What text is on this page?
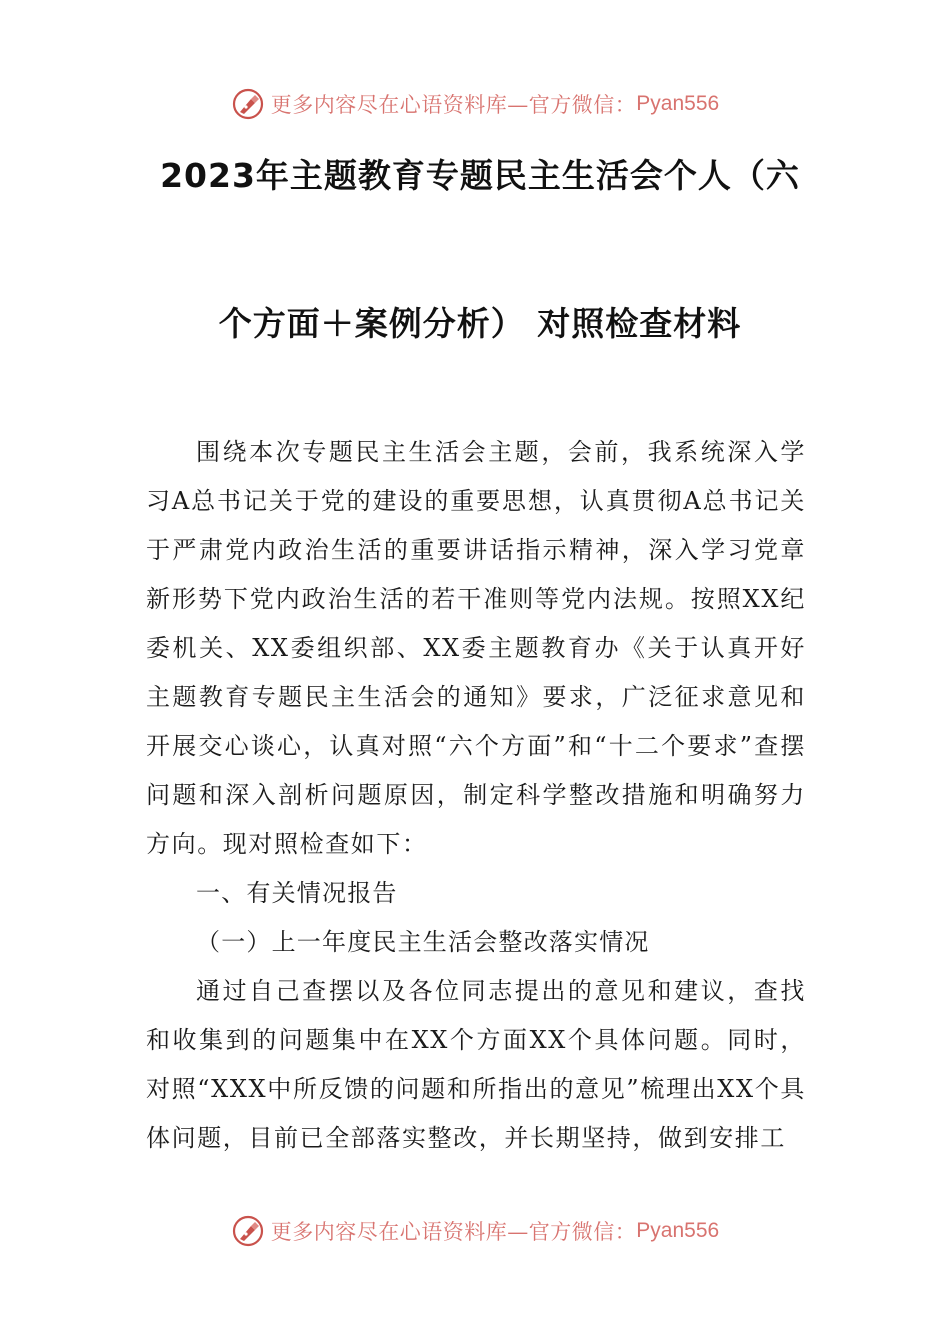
更多内容尽在心语资料库—官方微信： Pyan556
2023年主题教育专题民主生活会个人（六
个方面＋案例分析） 对照检查材料

围绕本次专题民主生活会主题，会前，我系统深入学习A总书记关于党的建设的重要思想，认真贯彻A总书记关于严肃党内政治生活的重要讲话指示精神，深入学习党章新形势下党内政治生活的若干准则等党内法规。按照XX纪委机关、XX委组织部、XX委主题教育办《关于认真开好主题教育专题民主生活会的通知》要求，广泛征求意见和开展交心谈心，认真对照“六个方面”和“十二个要求”查摆问题和深入剖析问题原因，制定科学整改措施和明确努力方向。现对照检查如下：

一、有关情况报告

（一）上一年度民主生活会整改落实情况

通过自己查摆以及各位同志提出的意见和建议，查找和收集到的问题集中在XX个方面XX个具体问题。同时，对照“XXX中所反馈的问题和所指出的意见”梳理出XX个具体问题，目前已全部落实整改，并长期坚持，做到安排工

更多内容尽在心语资料库—官方微信： Pyan556
